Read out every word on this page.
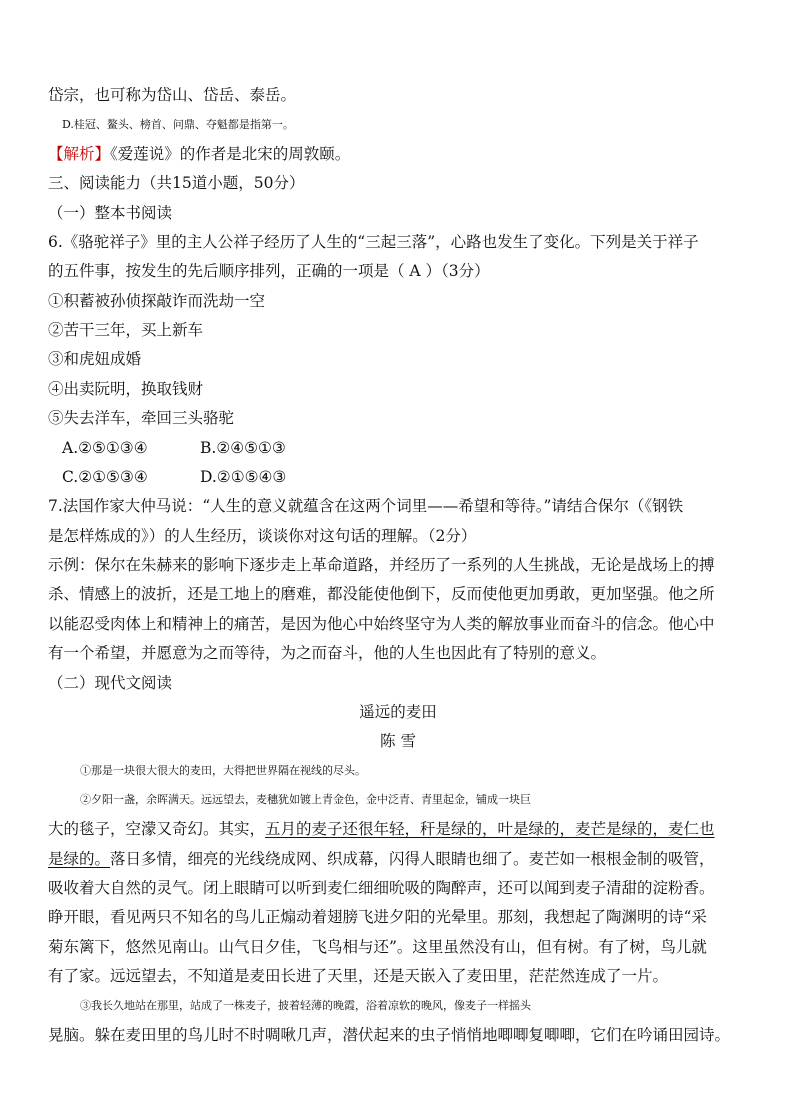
岱宗，也可称为岱山、岱岳、泰岳。
D.桂冠、鳌头、榜首、问鼎、夺魁都是指第一。
【解析】《爱莲说》的作者是北宋的周敦颐。
三、阅读能力（共15道小题，50分）
（一）整本书阅读
6.《骆驼祥子》里的主人公祥子经历了人生的“三起三落”，心路也发生了变化。下列是关于祥子
的五件事，按发生的先后顺序排列，正确的一项是（ A ）（3分）
①积蓄被孙侦探敲诈而洗劫一空
②苦干三年，买上新车
③和虎妞成婚
④出卖阮明，换取钱财
⑤失去洋车，牵回三头骆驼
A.②⑤①③④	B.②④⑤①③
C.②①⑤③④	D.②①⑤④③
7.法国作家大仲马说：“人生的意义就蕴含在这两个词里——希望和等待。”请结合保尔（《钢铁
是怎样炼成的》）的人生经历，谈谈你对这句话的理解。（2分）
示例：保尔在朱赫来的影响下逐步走上革命道路，并经历了一系列的人生挑战，无论是战场上的搏
杀、情感上的波折，还是工地上的磨难，都没能使他倒下，反而使他更加勇敢，更加坚强。他之所
以能忍受肉体上和精神上的痛苦，是因为他心中始终坚守为人类的解放事业而奋斗的信念。他心中
有一个希望，并愿意为之而等待，为之而奋斗，他的人生也因此有了特别的意义。
（二）现代文阅读
遥远的麦田
陈 雪
①那是一块很大很大的麦田，大得把世界隔在视线的尽头。
②夕阳一盏，余晖满天。远远望去，麦穗犹如镀上青金色，金中泛青、青里起金，铺成一块巨
大的毯子，空濛又奇幻。其实，五月的麦子还很年轻，秆是绿的，叶是绿的，麦芒是绿的，麦仁也
是绿的。落日多情，细亮的光线绕成网、织成幕，闪得人眼睛也细了。麦芒如一根根金制的吸管，
吸收着大自然的灵气。闭上眼睛可以听到麦仁细细吮吸的陶醉声，还可以闻到麦子清甜的淀粉香。
睁开眼，看见两只不知名的鸟儿正煽动着翅膀飞进夕阳的光晕里。那刻，我想起了陶渊明的诗“采
菊东篱下，悠然见南山。山气日夕佳，飞鸟相与还”。这里虽然没有山，但有树。有了树，鸟儿就
有了家。远远望去，不知道是麦田长进了天里，还是天嵌入了麦田里，茫茫然连成了一片。
③我长久地站在那里，站成了一株麦子，披着轻薄的晚霞，浴着凉软的晚风，像麦子一样摇头
晃脑。躲在麦田里的鸟儿时不时啁啾几声，潜伏起来的虫子悄悄地唧唧复唧唧，它们在吟诵田园诗。
